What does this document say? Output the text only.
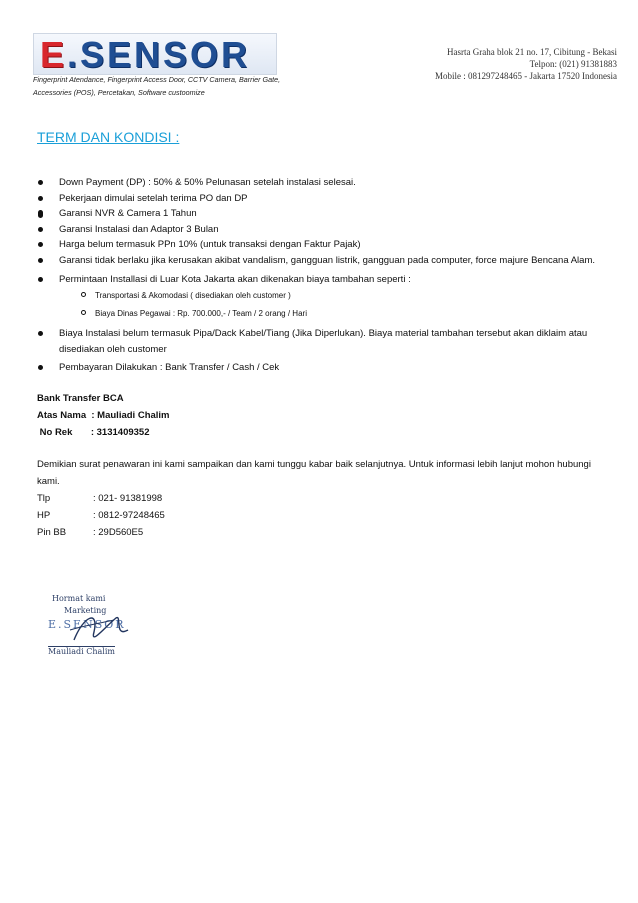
E.SENSOR
Fingerprint Atendance, Fingerprint Access Door, CCTV Camera, Barrier Gate, Accessories (POS), Percetakan, Software custoomize
Hasrta Graha blok 21 no. 17, Cibitung - Bekasi
Telpon: (021) 91381883
Mobile : 081297248465 - Jakarta 17520 Indonesia
TERM DAN KONDISI :
Down Payment (DP) : 50% & 50% Pelunasan setelah instalasi selesai.
Pekerjaan dimulai setelah terima PO dan DP
Garansi NVR & Camera 1 Tahun
Garansi Instalasi dan Adaptor 3 Bulan
Harga belum termasuk PPn 10% (untuk transaksi dengan Faktur Pajak)
Garansi tidak berlaku jika kerusakan akibat vandalism, gangguan listrik, gangguan pada computer, force majure Bencana Alam.
Permintaan Installasi di Luar Kota Jakarta akan dikenakan biaya tambahan seperti :
Transportasi & Akomodasi ( disediakan oleh customer )
Biaya Dinas Pegawai : Rp. 700.000,- / Team / 2 orang / Hari
Biaya Instalasi belum termasuk Pipa/Dack Kabel/Tiang (Jika Diperlukan). Biaya material tambahan tersebut akan diklaim atau disediakan oleh customer
Pembayaran Dilakukan : Bank Transfer / Cash / Cek
Bank Transfer BCA
Atas Nama  : Mauliadi Chalim
No Rek       : 3131409352
Demikian surat penawaran ini kami sampaikan dan kami tunggu kabar baik selanjutnya. Untuk informasi lebih lanjut mohon hubungi kami.
Tlp	: 021- 91381998
HP	: 0812-97248465
Pin BB	: 29D560E5
Hormat kami
Marketing
E.SENSOR
Mauliadi Chalim
